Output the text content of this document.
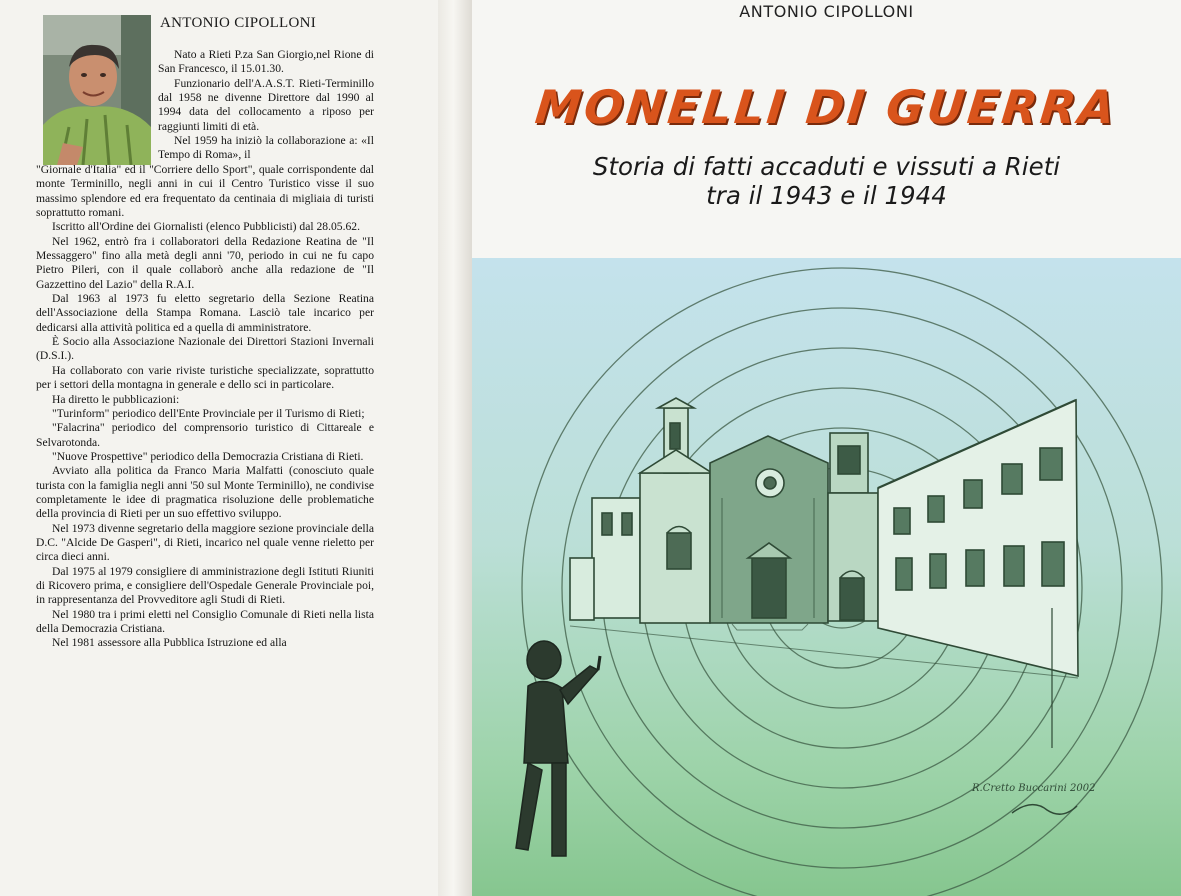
ANTONIO CIPOLLONI

Nato a Rieti P.za San Giorgio,nel Rione di San Francesco, il 15.01.30.

Funzionario dell'A.A.S.T. Rieti-Terminillo dal 1958 ne divenne Direttore dal 1990 al 1994 data del collocamento a riposo per raggiunti limiti di età.

Nel 1959 ha iniziò la collaborazione a: «Il Tempo di Roma», il

"Giornale d'Italia" ed il "Corriere dello Sport", quale corrispondente dal monte Terminillo, negli anni in cui il Centro Turistico visse il suo massimo splendore ed era frequentato da centinaia di migliaia di turisti soprattutto romani.

Iscritto all'Ordine dei Giornalisti (elenco Pubblicisti) dal 28.05.62.

Nel 1962, entrò fra i collaboratori della Redazione Reatina de "Il Messaggero" fino alla metà degli anni '70, periodo in cui ne fu capo Pietro Pileri, con il quale collaborò anche alla redazione de "Il Gazzettino del Lazio" della R.A.I.

Dal 1963 al 1973 fu eletto segretario della Sezione Reatina dell'Associazione della Stampa Romana. Lasciò tale incarico per dedicarsi alla attività politica ed a quella di amministratore.

È Socio alla Associazione Nazionale dei Direttori Stazioni Invernali (D.S.I.).

Ha collaborato con varie riviste turistiche specializzate, soprattutto per i settori della montagna in generale e dello sci in particolare.

Ha diretto le pubblicazioni:

"Turinform" periodico dell'Ente Provinciale per il Turismo di Rieti;

"Falacrina" periodico del comprensorio turistico di Cittareale e Selvarotonda.

"Nuove Prospettive" periodico della Democrazia Cristiana di Rieti.

Avviato alla politica da Franco Maria Malfatti (conosciuto quale turista con la famiglia negli anni '50 sul Monte Terminillo), ne condivise completamente le idee di pragmatica risoluzione delle problematiche della provincia di Rieti per un suo effettivo sviluppo.

Nel 1973 divenne segretario della maggiore sezione provinciale della D.C. "Alcide De Gasperi", di Rieti, incarico nel quale venne rieletto per circa dieci anni.

Dal 1975 al 1979 consigliere di amministrazione degli Istituti Riuniti di Ricovero prima, e consigliere dell'Ospedale Generale Provinciale poi, in rappresentanza del Provveditore agli Studi di Rieti.

Nel 1980 tra i primi eletti nel Consiglio Comunale di Rieti nella lista della Democrazia Cristiana.

Nel 1981 assessore alla Pubblica Istruzione ed alla

ANTONIO CIPOLLONI
MONELLI DI GUERRA
Storia di fatti accaduti e vissuti a Rieti
tra il 1943 e il 1944
R.Cretto Buccarini 2002
